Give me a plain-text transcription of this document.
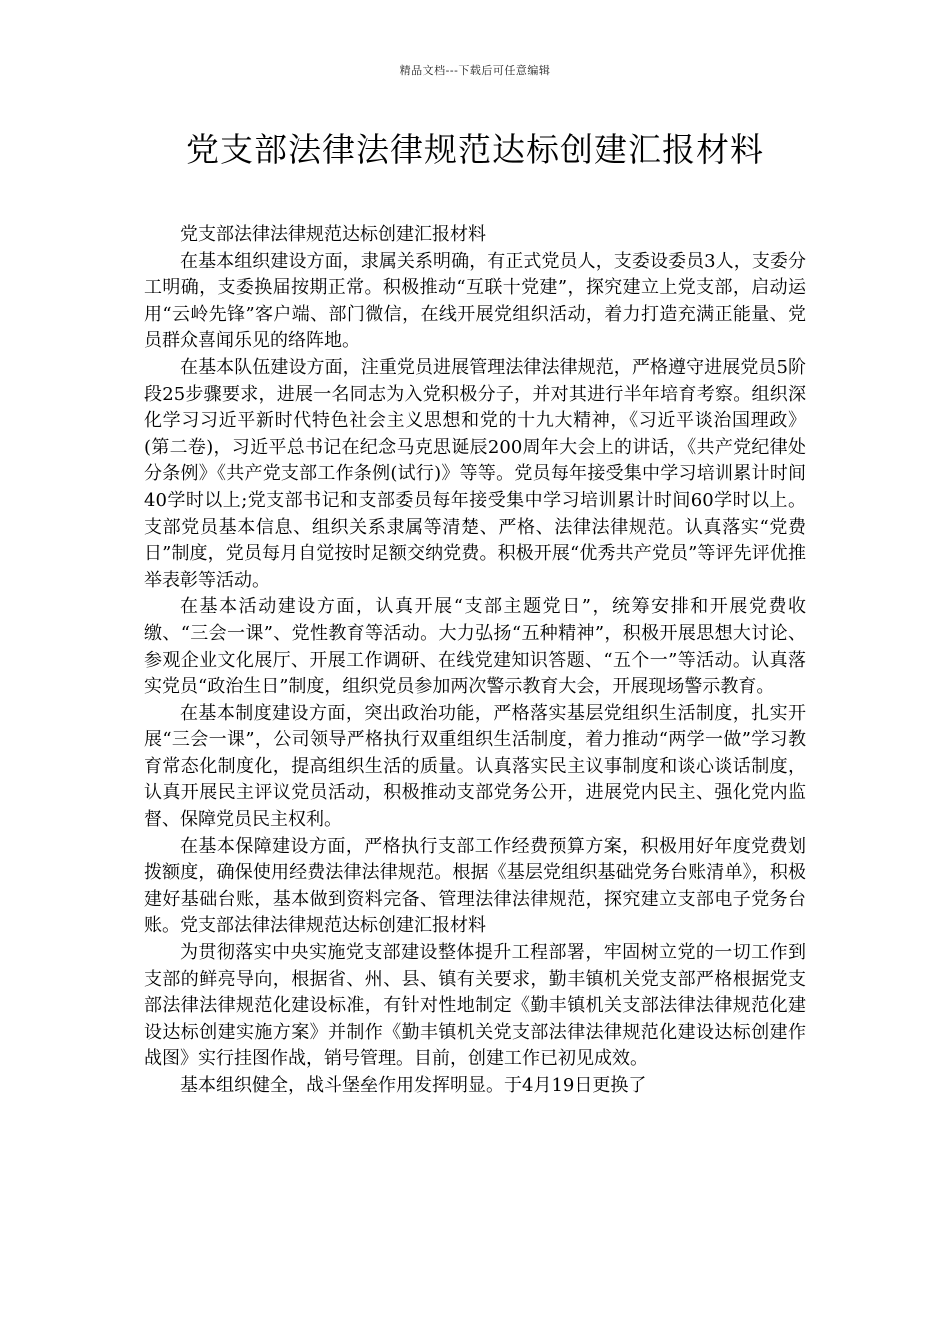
精品文档---下载后可任意编辑
党支部法律法律规范达标创建汇报材料

党支部法律法律规范达标创建汇报材料

在基本组织建设方面，隶属关系明确，有正式党员人，支委设委员3人，支委分工明确，支委换届按期正常。积极推动“互联十党建”，探究建立上党支部，启动运用“云岭先锋”客户端、部门微信，在线开展党组织活动，着力打造充满正能量、党员群众喜闻乐见的络阵地。

在基本队伍建设方面，注重党员进展管理法律法律规范，严格遵守进展党员5阶段25步骤要求，进展一名同志为入党积极分子，并对其进行半年培育考察。组织深化学习习近平新时代特色社会主义思想和党的十九大精神，《习近平谈治国理政》(第二卷)，习近平总书记在纪念马克思诞辰200周年大会上的讲话，《共产党纪律处分条例》《共产党支部工作条例(试行)》等等。党员每年接受集中学习培训累计时间40学时以上;党支部书记和支部委员每年接受集中学习培训累计时间60学时以上。支部党员基本信息、组织关系隶属等清楚、严格、法律法律规范。认真落实“党费日”制度，党员每月自觉按时足额交纳党费。积极开展“优秀共产党员”等评先评优推举表彰等活动。

在基本活动建设方面，认真开展“支部主题党日”，统筹安排和开展党费收缴、“三会一课”、党性教育等活动。大力弘扬“五种精神”，积极开展思想大讨论、参观企业文化展厅、开展工作调研、在线党建知识答题、“五个一”等活动。认真落实党员“政治生日”制度，组织党员参加两次警示教育大会，开展现场警示教育。

在基本制度建设方面，突出政治功能，严格落实基层党组织生活制度，扎实开展“三会一课”，公司领导严格执行双重组织生活制度，着力推动“两学一做”学习教育常态化制度化，提高组织生活的质量。认真落实民主议事制度和谈心谈话制度，认真开展民主评议党员活动，积极推动支部党务公开，进展党内民主、强化党内监督、保障党员民主权利。

在基本保障建设方面，严格执行支部工作经费预算方案，积极用好年度党费划拨额度，确保使用经费法律法律规范。根据《基层党组织基础党务台账清单》，积极建好基础台账，基本做到资料完备、管理法律法律规范，探究建立支部电子党务台账。党支部法律法律规范达标创建汇报材料

为贯彻落实中央实施党支部建设整体提升工程部署，牢固树立党的一切工作到支部的鲜亮导向，根据省、州、县、镇有关要求，勤丰镇机关党支部严格根据党支部法律法律规范化建设标准，有针对性地制定《勤丰镇机关支部法律法律规范化建设达标创建实施方案》并制作《勤丰镇机关党支部法律法律规范化建设达标创建作战图》实行挂图作战，销号管理。目前，创建工作已初见成效。

基本组织健全，战斗堡垒作用发挥明显。于4月19日更换了
